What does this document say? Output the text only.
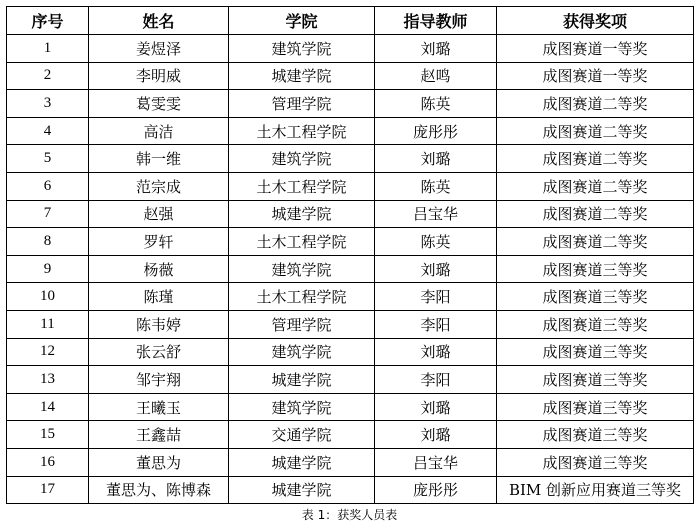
序号	姓名	学院	指导教师	获得奖项
1	姜煜泽	建筑学院	刘璐	成图赛道一等奖
2	李明威	城建学院	赵鸣	成图赛道一等奖
3	葛雯雯	管理学院	陈英	成图赛道二等奖
4	高洁	土木工程学院	庞彤彤	成图赛道二等奖
5	韩一维	建筑学院	刘璐	成图赛道二等奖
6	范宗成	土木工程学院	陈英	成图赛道二等奖
7	赵强	城建学院	吕宝华	成图赛道二等奖
8	罗轩	土木工程学院	陈英	成图赛道二等奖
9	杨薇	建筑学院	刘璐	成图赛道三等奖
10	陈瑾	土木工程学院	李阳	成图赛道三等奖
11	陈韦婷	管理学院	李阳	成图赛道三等奖
12	张云舒	建筑学院	刘璐	成图赛道三等奖
13	邹宇翔	城建学院	李阳	成图赛道三等奖
14	王曦玉	建筑学院	刘璐	成图赛道三等奖
15	王鑫喆	交通学院	刘璐	成图赛道三等奖
16	董思为	城建学院	吕宝华	成图赛道三等奖
17	董思为、陈博森	城建学院	庞彤彤	BIM 创新应用赛道三等奖
表 1：获奖人员表
